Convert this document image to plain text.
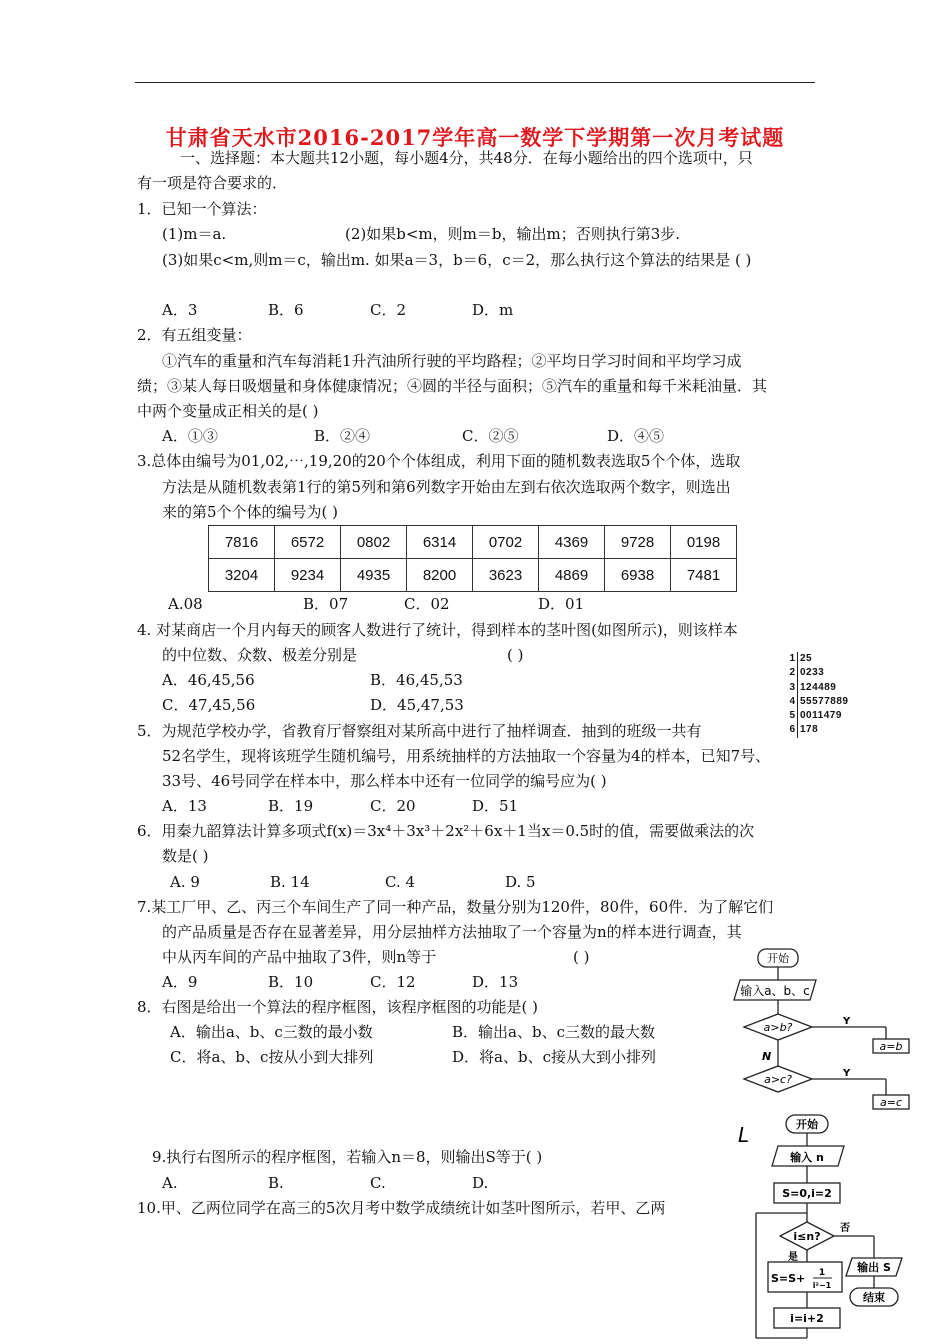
甘肃省天水市2016-2017学年高一数学下学期第一次月考试题
一、选择题：本大题共12小题，每小题4分，共48分．在每小题给出的四个选项中，只
有一项是符合要求的．
1．已知一个算法：
(1)m＝a.	(2)如果b<m，则m＝b，输出m；否则执行第3步.
(3)如果c<m,则m＝c，输出m. 如果a＝3，b＝6，c＝2，那么执行这个算法的结果是 ( )
A．3	B．6	C．2	D．m
2．有五组变量：
①汽车的重量和汽车每消耗1升汽油所行驶的平均路程；②平均日学习时间和平均学习成
绩；③某人每日吸烟量和身体健康情况；④圆的半径与面积；⑤汽车的重量和每千米耗油量．其
中两个变量成正相关的是( )
A．①③	B．②④	C．②⑤	D．④⑤
3.总体由编号为01,02,⋯,19,20的20个个体组成，利用下面的随机数表选取5个个体，选取
方法是从随机数表第1行的第5列和第6列数字开始由左到右依次选取两个数字，则选出
来的第5个个体的编号为( )
A.08	B．07	C．02	D．01
4. 对某商店一个月内每天的顾客人数进行了统计，得到样本的茎叶图(如图所示)，则该样本
的中位数、众数、极差分别是	( )
A．46,45,56	B．46,45,53
C．47,45,56	D．45,47,53
5．为规范学校办学，省教育厅督察组对某所高中进行了抽样调查．抽到的班级一共有
52名学生，现将该班学生随机编号，用系统抽样的方法抽取一个容量为4的样本，已知7号、
33号、46号同学在样本中，那么样本中还有一位同学的编号应为( )
A．13	B．19	C．20	D．51
6．用秦九韶算法计算多项式f(x)＝3x⁴＋3x³＋2x²＋6x＋1当x＝0.5时的值，需要做乘法的次
数是( )
A. 9	B. 14	C. 4	D. 5
7.某工厂甲、乙、丙三个车间生产了同一种产品，数量分别为120件，80件，60件．为了解它们
的产品质量是否存在显著差异，用分层抽样方法抽取了一个容量为n的样本进行调查，其
中从丙车间的产品中抽取了3件，则n等于	( )
A．9	B．10	C．12	D．13
8．右图是给出一个算法的程序框图，该程序框图的功能是( )
A．输出a、b、c三数的最小数	B．输出a、b、c三数的最大数
C．将a、b、c按从小到大排列	D．将a、b、c接从大到小排列
9.执行右图所示的程序框图，若输入n＝8，则输出S等于( )
A.	B.	C.	D.
10.甲、乙两位同学在高三的5次月考中数学成绩统计如茎叶图所示，若甲、乙两
7816	6572	0802	6314	0702	4369	9728	0198
3204	9234	4935	8200	3623	4869	6938	7481
1 25
2 0233
3 124489
4 55577889
5 0011479
6 178
开始
输入a、b、c
a>b?	Y
a=b
N
a>c?	Y
a=c
L	开始
输入 n
S=0,i=2
i≤n?
否
是
S=S+ 1
i²−1
输出 S
结束
i=i+2
